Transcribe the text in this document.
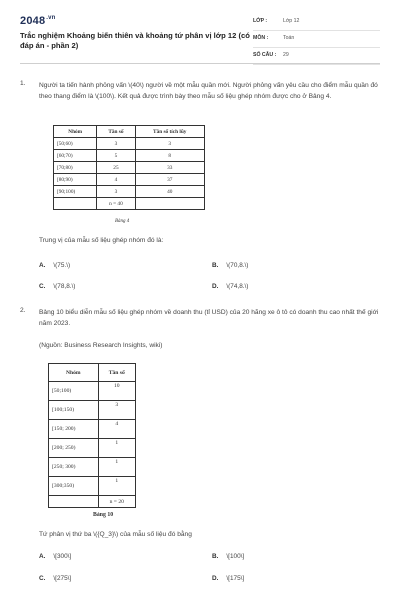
$2048^{.vn}$
Trắc nghiệm Khoảng biến thiên và khoảng tứ phân vị lớp 12 (có đáp án - phần 2)
LỚP :	Lớp 12
MÔN :	Toán
SỐ CÂU : 29
1. Người ta tiến hành phỏng vấn \(40\) người về một mẫu quần mới. Người phỏng vấn yêu cầu cho điểm mẫu quần đó theo thang điểm là \(100\). Kết quả được trình bày theo mẫu số liệu ghép nhóm được cho ở Bảng 4.
Nhóm	Tần số	Tần số tích lũy
[50;60)	3	3
[60;70)	5	8
[70;80)	25	33
[80;90)	4	37
[90;100)	3	40
	n = 40	
Bảng 4
Trung vị của mẫu số liệu ghép nhóm đó là:
A. \(75.\)	B. \(70,8.\)
C. \(78,8.\)	D. \(74,8.\)
2. Bảng 10 biểu diễn mẫu số liệu ghép nhóm về doanh thu (tỉ USD) của 20 hãng xe ô tô có doanh thu cao nhất thế giới năm 2023.
(Nguồn: Business Research Insights, wiki)
Nhóm	Tần số
[50;100)	10
[100;150)	3
[150; 200)	4
[200; 250)	1
[250; 300)	1
[300;350)	1
	n = 20
Bảng 10
Tứ phân vị thứ ba \({Q_3}\) của mẫu số liệu đó bằng
A. \[300\]	B. \[100\]
C. \[275\]	D. \[175\]
